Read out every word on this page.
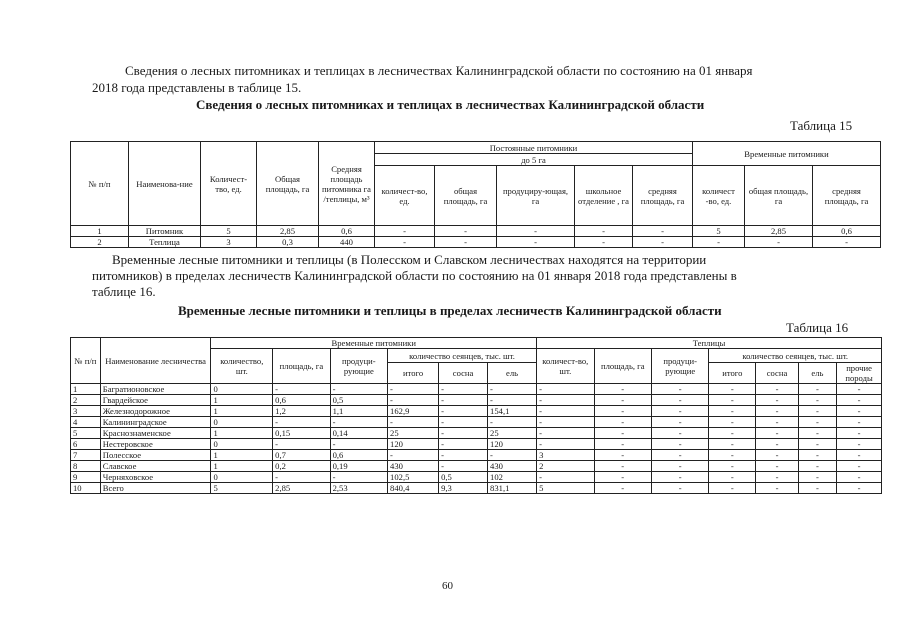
Сведения о лесных питомниках и теплицах в лесничествах Калининградской области по состоянию на 01 января
2018 года представлены в таблице 15.
Сведения о лесных питомниках и теплицах в лесничествах Калининградской области
Таблица 15
№ п/п	Наименова-ние	Количест-тво, ед.	Общая площадь, га	Средняя площадь питомника га /теплицы, м³	Постоянные питомники					Временные питомники		
					до 5 га							
					количест-во, ед.	общая площадь, га	продуциру-ющая, га	школьное отделение , га	средняя площадь, га	количест -во, ед.	общая площадь, га	средняя площадь, га
1	Питомник	5	2,85	0,6	-	-	-	-	-	5	2,85	0,6
2	Теплица	3	0,3	440	-	-	-	-	-	-	-	-
Временные лесные питомники и теплицы (в Полесском и Славском лесничествах находятся на территории
питомников) в пределах лесничеств Калининградской области по состоянию на 01 января 2018 года представлены в
таблице 16.
Временные лесные питомники и теплицы в пределах лесничеств Калининградской области
Таблица 16
№ п/п	Наименование лесничества	Временные питомники						Теплицы						
		количество, шт.	площадь, га	продуци-рующие	количество сеянцев, тыс. шт.			количест-во, шт.	площадь, га	продуци-рующие	количество сеянцев, тыс. шт.			
					итого	сосна	ель				итого	сосна	ель	прочие породы
1	Багратионовское	0	-	-	-	-	-	-	-	-	-	-	-	-
2	Гвардейское	1	0,6	0,5	-	-	-	-	-	-	-	-	-	-
3	Железнодорожное	1	1,2	1,1	162,9	-	154,1	-	-	-	-	-	-	-
4	Калининградское	0	-	-	-	-	-	-	-	-	-	-	-	-
5	Краснознаменское	1	0,15	0,14	25	-	25	-	-	-	-	-	-	-
6	Нестеровское	0	-	-	120	-	120	-	-	-	-	-	-	-
7	Полесское	1	0,7	0,6	-	-	-	3	-	-	-	-	-	-
8	Славское	1	0,2	0,19	430	-	430	2	-	-	-	-	-	-
9	Черняховское	0	-	-	102,5	0,5	102	-	-	-	-	-	-	-
10	Всего	5	2,85	2,53	840,4	9,3	831,1	5	-	-	-	-	-	-
60
